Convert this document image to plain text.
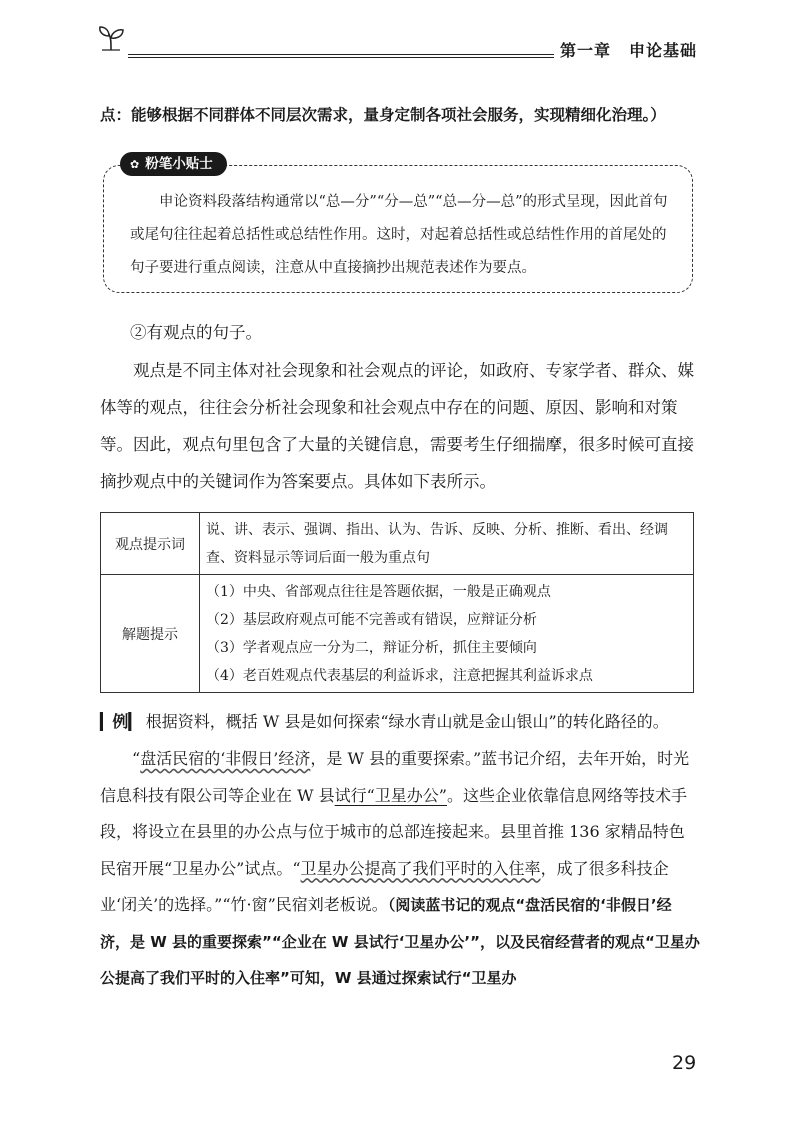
第一章 申论基础

点：能够根据不同群体不同层次需求，量身定制各项社会服务，实现精细化治理。）

✿ 粉笔小贴士

申论资料段落结构通常以“总—分”“分—总”“总—分—总”的形式呈现，因此首句或尾句往往起着总括性或总结性作用。这时，对起着总括性或总结性作用的首尾处的句子要进行重点阅读，注意从中直接摘抄出规范表述作为要点。

②有观点的句子。

观点是不同主体对社会现象和社会观点的评论，如政府、专家学者、群众、媒体等的观点，往往会分析社会现象和社会观点中存在的问题、原因、影响和对策等。因此，观点句里包含了大量的关键信息，需要考生仔细揣摩，很多时候可直接摘抄观点中的关键词作为答案要点。具体如下表所示。

观点提示词	说、讲、表示、强调、指出、认为、告诉、反映、分析、推断、看出、经调查、资料显示等词后面一般为重点句
解题提示	（1）中央、省部观点往往是答题依据，一般是正确观点
（2）基层政府观点可能不完善或有错误，应辩证分析
（3）学者观点应一分为二，辩证分析，抓住主要倾向
（4）老百姓观点代表基层的利益诉求，注意把握其利益诉求点

▎例▎ 根据资料，概括 W 县是如何探索“绿水青山就是金山银山”的转化路径的。

“盘活民宿的‘非假日’经济，是 W 县的重要探索。”蓝书记介绍，去年开始，时光信息科技有限公司等企业在 W 县试行“卫星办公”。这些企业依靠信息网络等技术手段，将设立在县里的办公点与位于城市的总部连接起来。县里首推 136 家精品特色民宿开展“卫星办公”试点。“卫星办公提高了我们平时的入住率，成了很多科技企业‘闭关’的选择。”“竹·窗”民宿刘老板说。（阅读蓝书记的观点“盘活民宿的‘非假日’经济，是 W 县的重要探索”“企业在 W 县试行‘卫星办公’”，以及民宿经营者的观点“卫星办公提高了我们平时的入住率”可知，W 县通过探索试行“卫星办

29
